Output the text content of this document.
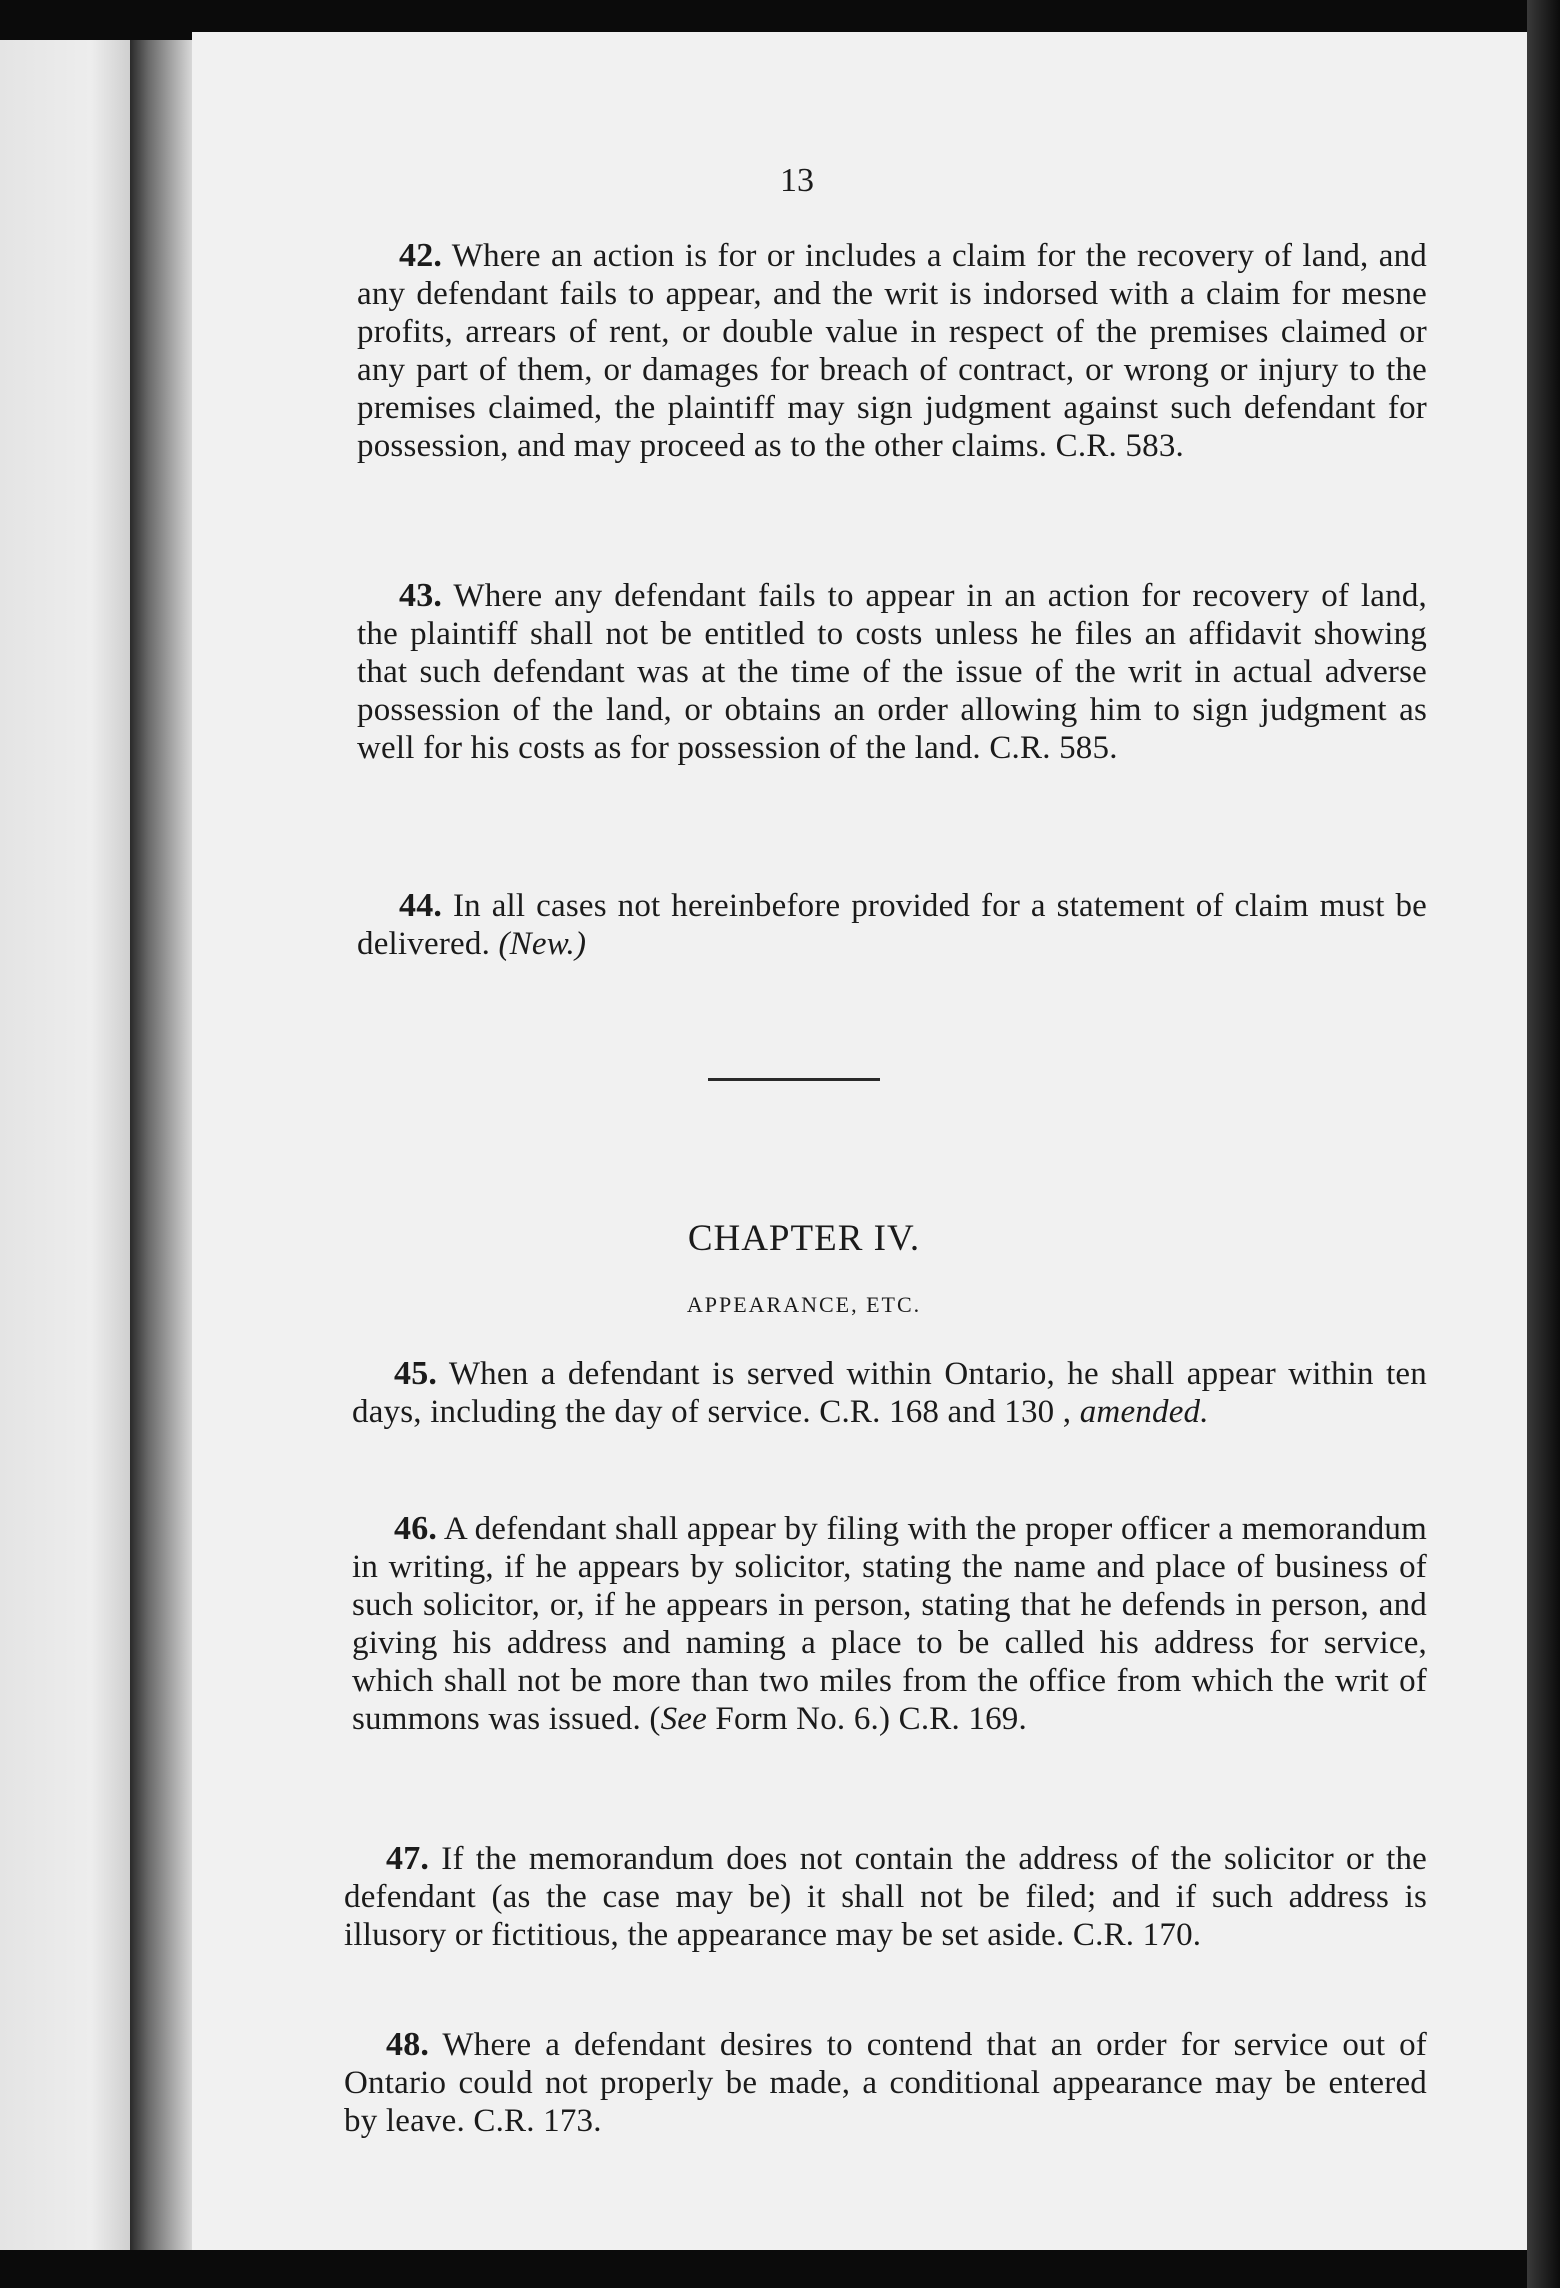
13
42. Where an action is for or includes a claim for the recovery of land, and any defendant fails to appear, and the writ is indorsed with a claim for mesne profits, arrears of rent, or double value in respect of the premises claimed or any part of them, or damages for breach of contract, or wrong or injury to the premises claimed, the plaintiff may sign judgment against such defendant for possession, and may proceed as to the other claims. C.R. 583.
43. Where any defendant fails to appear in an action for recovery of land, the plaintiff shall not be entitled to costs unless he files an affidavit showing that such defendant was at the time of the issue of the writ in actual adverse possession of the land, or obtains an order allowing him to sign judgment as well for his costs as for possession of the land. C.R. 585.
44. In all cases not hereinbefore provided for a statement of claim must be delivered. (New.)
CHAPTER IV.
APPEARANCE, ETC.
45. When a defendant is served within Ontario, he shall appear within ten days, including the day of service. C.R. 168 and 130 , amended.
46. A defendant shall appear by filing with the proper officer a memorandum in writing, if he appears by solicitor, stating the name and place of business of such solicitor, or, if he appears in person, stating that he defends in person, and giving his address and naming a place to be called his address for service, which shall not be more than two miles from the office from which the writ of summons was issued. (See Form No. 6.) C.R. 169.
47. If the memorandum does not contain the address of the solicitor or the defendant (as the case may be) it shall not be filed; and if such address is illusory or fictitious, the appearance may be set aside. C.R. 170.
48. Where a defendant desires to contend that an order for service out of Ontario could not properly be made, a conditional appearance may be entered by leave. C.R. 173.
